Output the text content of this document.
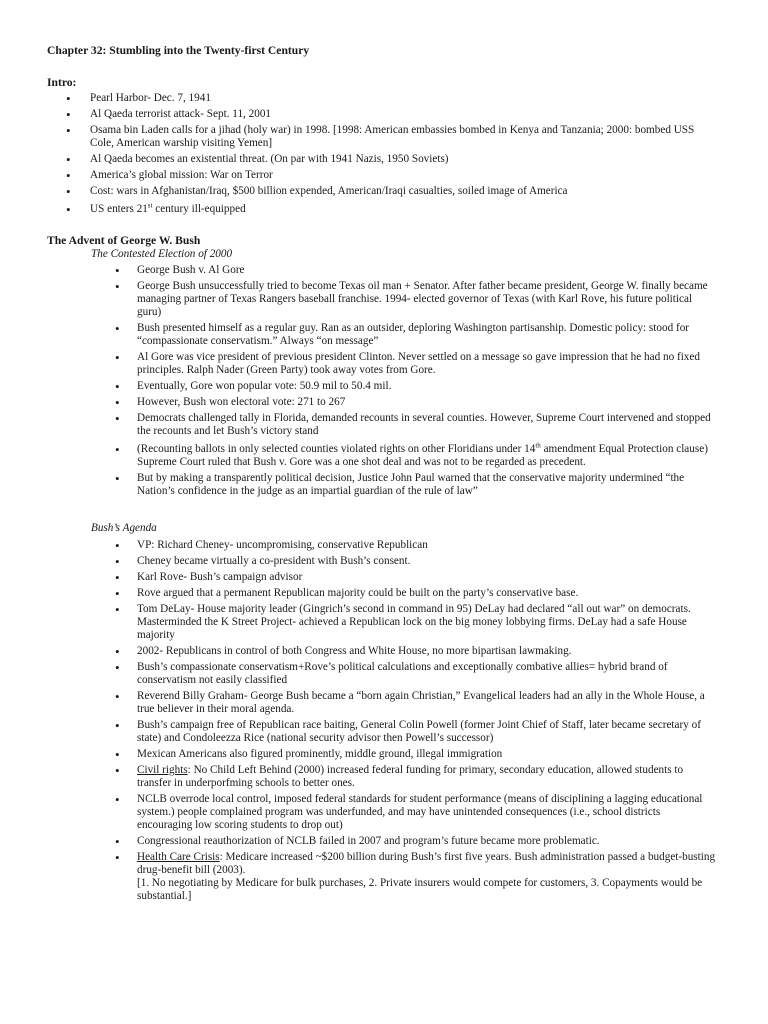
Chapter 32: Stumbling into the Twenty-first Century
Intro:
• Pearl Harbor- Dec. 7, 1941
• Al Qaeda terrorist attack- Sept. 11, 2001
• Osama bin Laden calls for a jihad (holy war) in 1998. [1998: American embassies bombed in Kenya and Tanzania; 2000: bombed USS Cole, American warship visiting Yemen]
• Al Qaeda becomes an existential threat. (On par with 1941 Nazis, 1950 Soviets)
• America’s global mission: War on Terror
• Cost: wars in Afghanistan/Iraq, $500 billion expended, American/Iraqi casualties, soiled image of America
• US enters 21st century ill-equipped
The Advent of George W. Bush
The Contested Election of 2000
• George Bush v. Al Gore
• George Bush unsuccessfully tried to become Texas oil man + Senator. After father became president, George W. finally became managing partner of Texas Rangers baseball franchise. 1994- elected governor of Texas (with Karl Rove, his future political guru)
• Bush presented himself as a regular guy. Ran as an outsider, deploring Washington partisanship. Domestic policy: stood for “compassionate conservatism.” Always “on message”
• Al Gore was vice president of previous president Clinton. Never settled on a message so gave impression that he had no fixed principles. Ralph Nader (Green Party) took away votes from Gore.
• Eventually, Gore won popular vote: 50.9 mil to 50.4 mil.
• However, Bush won electoral vote: 271 to 267
• Democrats challenged tally in Florida, demanded recounts in several counties. However, Supreme Court intervened and stopped the recounts and let Bush’s victory stand
• (Recounting ballots in only selected counties violated rights on other Floridians under 14th amendment Equal Protection clause) Supreme Court ruled that Bush v. Gore was a one shot deal and was not to be regarded as precedent.
• But by making a transparently political decision, Justice John Paul warned that the conservative majority undermined “the Nation’s confidence in the judge as an impartial guardian of the rule of law”
Bush’s Agenda
• VP: Richard Cheney- uncompromising, conservative Republican
• Cheney became virtually a co-president with Bush’s consent.
• Karl Rove- Bush’s campaign advisor
• Rove argued that a permanent Republican majority could be built on the party’s conservative base.
• Tom DeLay- House majority leader (Gingrich’s second in command in 95) DeLay had declared “all out war” on democrats. Masterminded the K Street Project- achieved a Republican lock on the big money lobbying firms. DeLay had a safe House majority
• 2002- Republicans in control of both Congress and White House, no more bipartisan lawmaking.
• Bush’s compassionate conservatism+Rove’s political calculations and exceptionally combative allies= hybrid brand of conservatism not easily classified
• Reverend Billy Graham- George Bush became a “born again Christian,” Evangelical leaders had an ally in the Whole House, a true believer in their moral agenda.
• Bush’s campaign free of Republican race baiting, General Colin Powell (former Joint Chief of Staff, later became secretary of state) and Condoleezza Rice (national security advisor then Powell’s successor)
• Mexican Americans also figured prominently, middle ground, illegal immigration
• Civil rights: No Child Left Behind (2000) increased federal funding for primary, secondary education, allowed students to transfer in underporfming schools to better ones.
• NCLB overrode local control, imposed federal standards for student performance (means of disciplining a lagging educational system.) people complained program was underfunded, and may have unintended consequences (i.e., school districts encouraging low scoring students to drop out)
• Congressional reauthorization of NCLB failed in 2007 and program’s future became more problematic.
• Health Care Crisis: Medicare increased ~$200 billion during Bush’s first five years. Bush administration passed a budget-busting drug-benefit bill (2003).
[1. No negotiating by Medicare for bulk purchases, 2. Private insurers would compete for customers, 3. Copayments would be substantial.]
